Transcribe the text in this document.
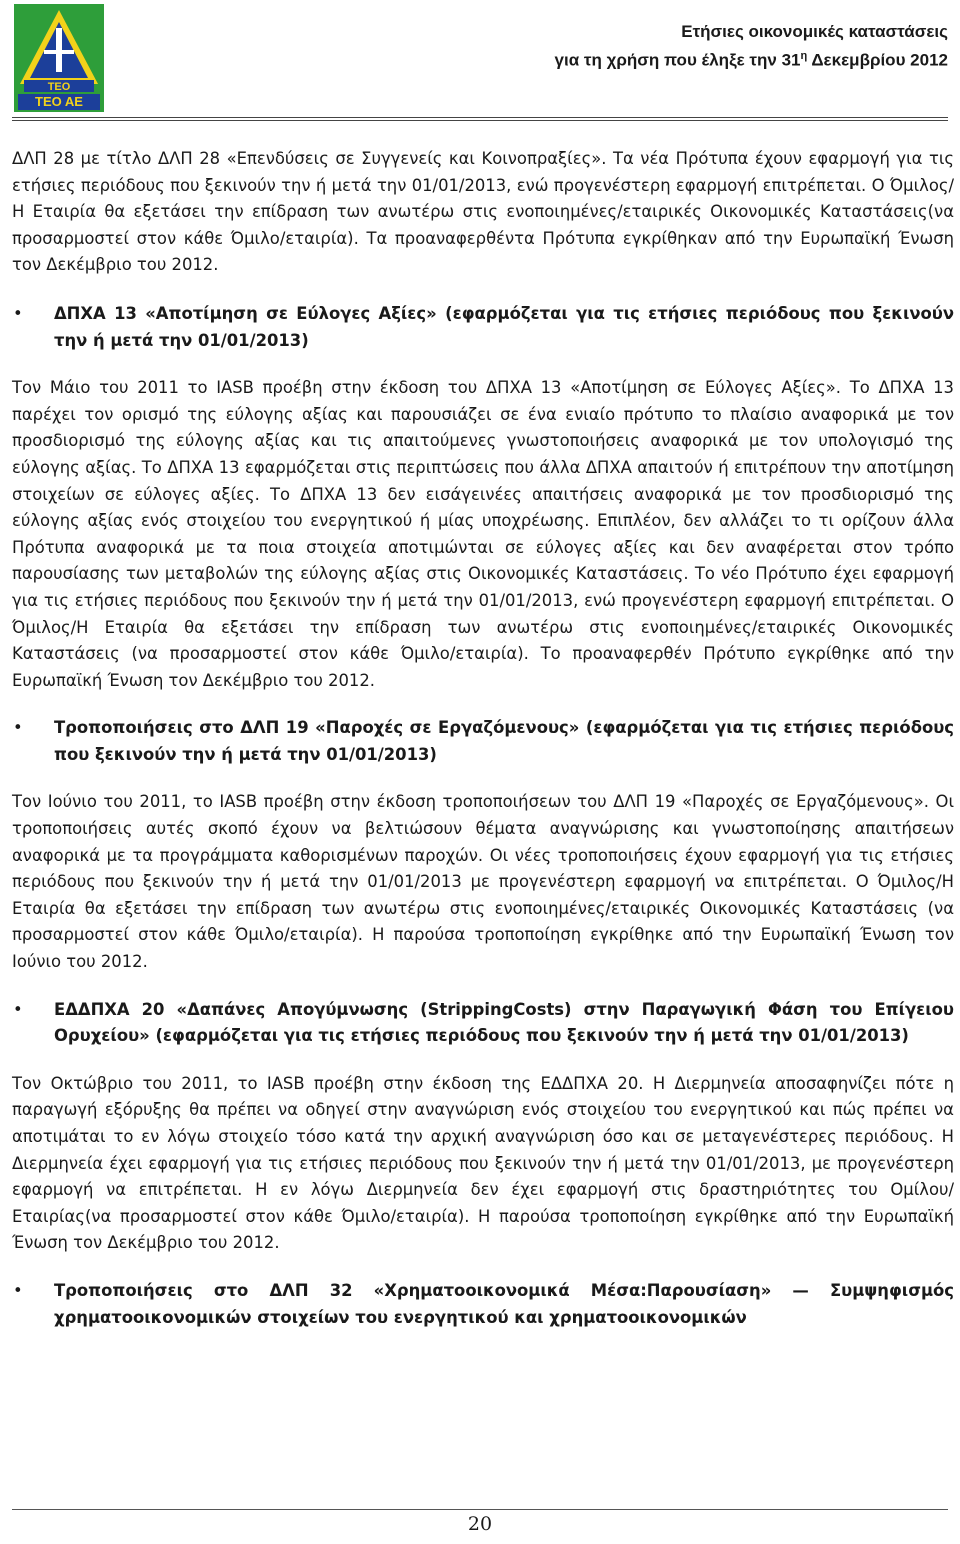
TEO
TEO AE
Ετήσιες οικονομικές καταστάσεις
για τη χρήση που έληξε την $31^\eta$ Δεκεμβρίου 2012

ΔΛΠ 28 με τίτλο ΔΛΠ 28 «Επενδύσεις σε Συγγενείς και Κοινοπραξίες». Τα νέα Πρότυπα έχουν εφαρμογή για τις ετήσιες περιόδους που ξεκινούν την ή μετά την 01/01/2013, ενώ προγενέστερη εφαρμογή επιτρέπεται. Ο Όμιλος/Η Εταιρία θα εξετάσει την επίδραση των ανωτέρω στις ενοποιημένες/εταιρικές Οικονομικές Καταστάσεις(να προσαρμοστεί στον κάθε Όμιλο/εταιρία). Τα προαναφερθέντα Πρότυπα εγκρίθηκαν από την Ευρωπαϊκή Ένωση τον Δεκέμβριο του 2012.

• ΔΠΧΑ 13 «Αποτίμηση σε Εύλογες Αξίες» (εφαρμόζεται για τις ετήσιες περιόδους που ξεκινούν την ή μετά την 01/01/2013)

Τον Μάιο του 2011 το IASB προέβη στην έκδοση του ΔΠΧΑ 13 «Αποτίμηση σε Εύλογες Αξίες». Το ΔΠΧΑ 13 παρέχει τον ορισμό της εύλογης αξίας και παρουσιάζει σε ένα ενιαίο πρότυπο το πλαίσιο αναφορικά με τον προσδιορισμό της εύλογης αξίας και τις απαιτούμενες γνωστοποιήσεις αναφορικά με τον υπολογισμό της εύλογης αξίας. Το ΔΠΧΑ 13 εφαρμόζεται στις περιπτώσεις που άλλα ΔΠΧΑ απαιτούν ή επιτρέπουν την αποτίμηση στοιχείων σε εύλογες αξίες. Το ΔΠΧΑ 13 δεν εισάγεινέες απαιτήσεις αναφορικά με τον προσδιορισμό της εύλογης αξίας ενός στοιχείου του ενεργητικού ή μίας υποχρέωσης. Επιπλέον, δεν αλλάζει το τι ορίζουν άλλα Πρότυπα αναφορικά με τα ποια στοιχεία αποτιμώνται σε εύλογες αξίες και δεν αναφέρεται στον τρόπο παρουσίασης των μεταβολών της εύλογης αξίας στις Οικονομικές Καταστάσεις. Το νέο Πρότυπο έχει εφαρμογή για τις ετήσιες περιόδους που ξεκινούν την ή μετά την 01/01/2013, ενώ προγενέστερη εφαρμογή επιτρέπεται. Ο Όμιλος/Η Εταιρία θα εξετάσει την επίδραση των ανωτέρω στις ενοποιημένες/εταιρικές Οικονομικές Καταστάσεις (να προσαρμοστεί στον κάθε Όμιλο/εταιρία). Το προαναφερθέν Πρότυπο εγκρίθηκε από την Ευρωπαϊκή Ένωση τον Δεκέμβριο του 2012.

• Τροποποιήσεις στο ΔΛΠ 19 «Παροχές σε Εργαζόμενους» (εφαρμόζεται για τις ετήσιες περιόδους που ξεκινούν την ή μετά την 01/01/2013)

Τον Ιούνιο του 2011, το IASB προέβη στην έκδοση τροποποιήσεων του ΔΛΠ 19 «Παροχές σε Εργαζόμενους». Οι τροποποιήσεις αυτές σκοπό έχουν να βελτιώσουν θέματα αναγνώρισης και γνωστοποίησης απαιτήσεων αναφορικά με τα προγράμματα καθορισμένων παροχών. Οι νέες τροποποιήσεις έχουν εφαρμογή για τις ετήσιες περιόδους που ξεκινούν την ή μετά την 01/01/2013 με προγενέστερη εφαρμογή να επιτρέπεται. Ο Όμιλος/Η Εταιρία θα εξετάσει την επίδραση των ανωτέρω στις ενοποιημένες/εταιρικές Οικονομικές Καταστάσεις (να προσαρμοστεί στον κάθε Όμιλο/εταιρία). Η παρούσα τροποποίηση εγκρίθηκε από την Ευρωπαϊκή Ένωση τον Ιούνιο του 2012.

• ΕΔΔΠΧΑ 20 «Δαπάνες Απογύμνωσης (StrippingCosts) στην Παραγωγική Φάση του Επίγειου Ορυχείου» (εφαρμόζεται για τις ετήσιες περιόδους που ξεκινούν την ή μετά την 01/01/2013)

Τον Οκτώβριο του 2011, το IASB προέβη στην έκδοση της ΕΔΔΠΧΑ 20. Η Διερμηνεία αποσαφηνίζει πότε η παραγωγή εξόρυξης θα πρέπει να οδηγεί στην αναγνώριση ενός στοιχείου του ενεργητικού και πώς πρέπει να αποτιμάται το εν λόγω στοιχείο τόσο κατά την αρχική αναγνώριση όσο και σε μεταγενέστερες περιόδους. Η Διερμηνεία έχει εφαρμογή για τις ετήσιες περιόδους που ξεκινούν την ή μετά την 01/01/2013, με προγενέστερη εφαρμογή να επιτρέπεται. Η εν λόγω Διερμηνεία δεν έχει εφαρμογή στις δραστηριότητες του Ομίλου/Εταιρίας(να προσαρμοστεί στον κάθε Όμιλο/εταιρία). Η παρούσα τροποποίηση εγκρίθηκε από την Ευρωπαϊκή Ένωση τον Δεκέμβριο του 2012.

• Τροποποιήσεις στο ΔΛΠ 32 «Χρηματοοικονομικά Μέσα:Παρουσίαση» — Συμψηφισμός χρηματοοικονομικών στοιχείων του ενεργητικού και χρηματοοικονομικών
20
